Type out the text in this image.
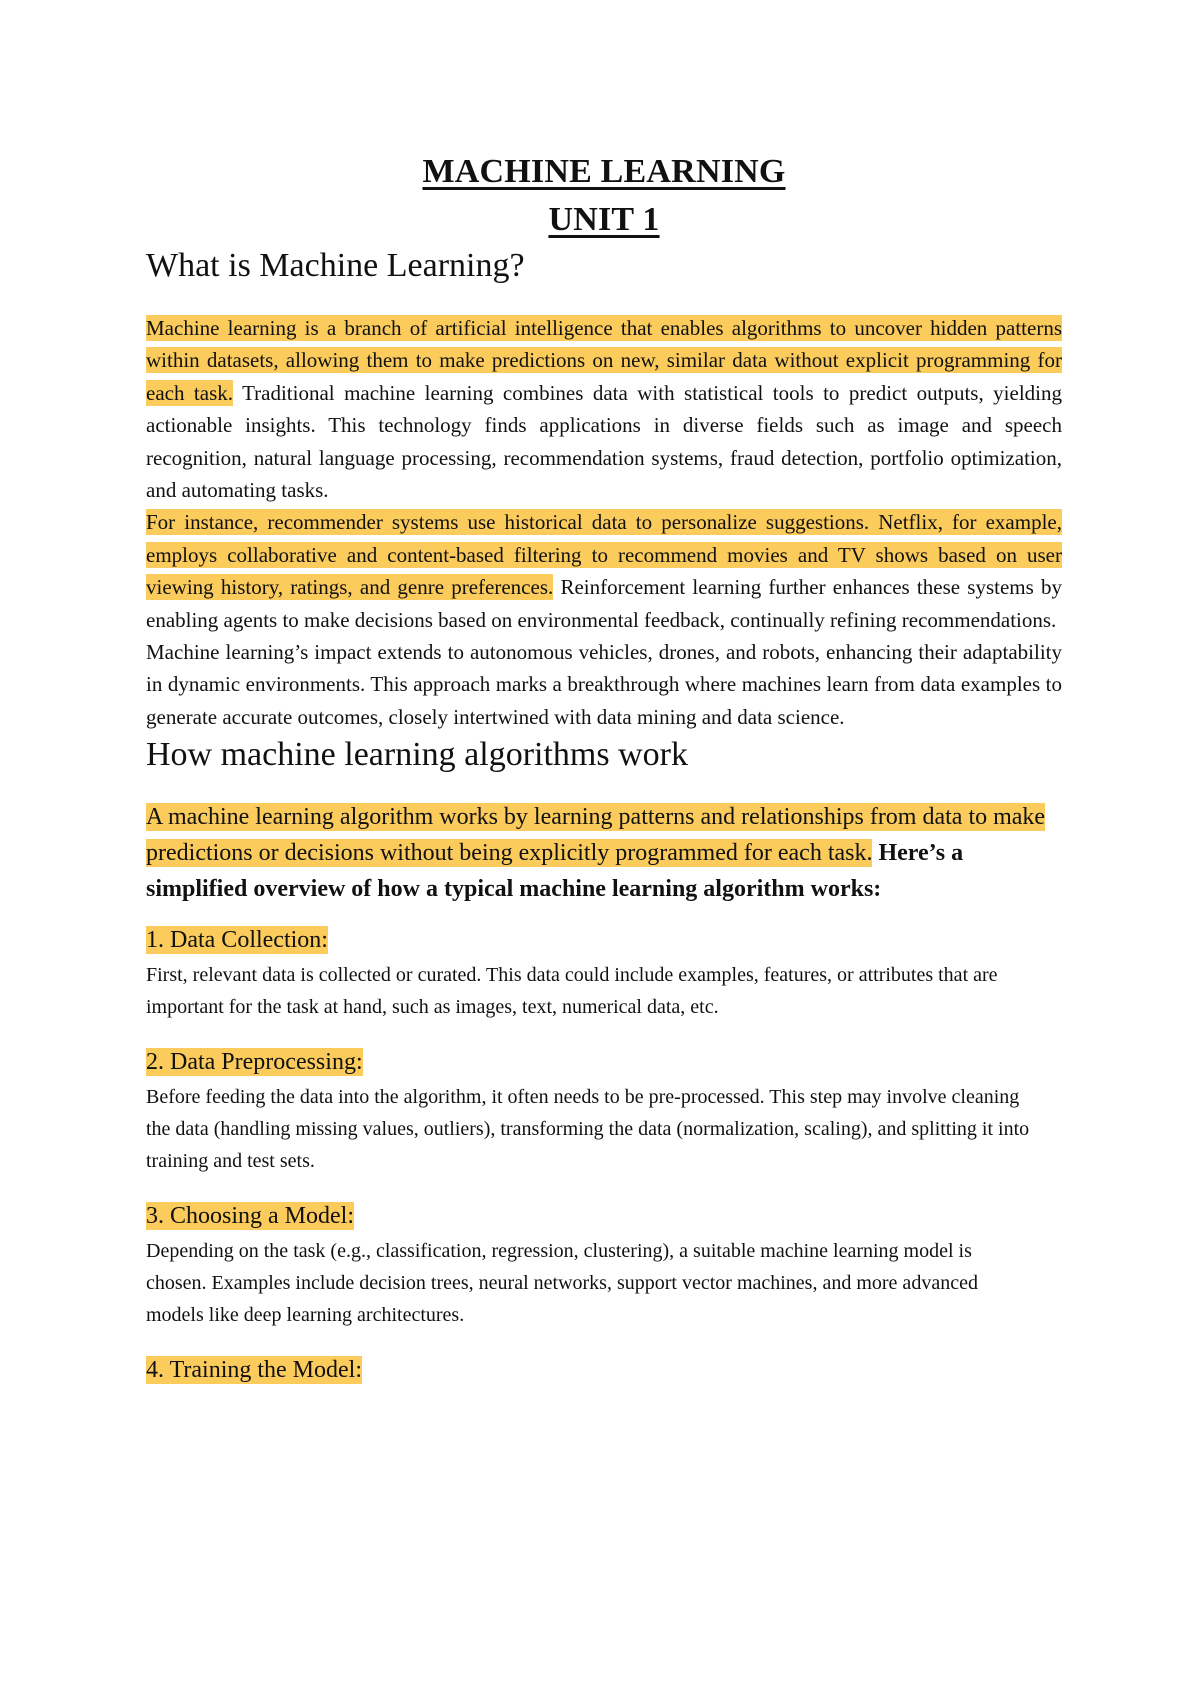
MACHINE LEARNING

UNIT 1

What is Machine Learning?

Machine learning is a branch of artificial intelligence that enables algorithms to uncover hidden patterns within datasets, allowing them to make predictions on new, similar data without explicit programming for each task. Traditional machine learning combines data with statistical tools to predict outputs, yielding actionable insights. This technology finds applications in diverse fields such as image and speech recognition, natural language processing, recommendation systems, fraud detection, portfolio optimization, and automating tasks.

For instance, recommender systems use historical data to personalize suggestions. Netflix, for example, employs collaborative and content-based filtering to recommend movies and TV shows based on user viewing history, ratings, and genre preferences. Reinforcement learning further enhances these systems by enabling agents to make decisions based on environmental feedback, continually refining recommendations.

Machine learning’s impact extends to autonomous vehicles, drones, and robots, enhancing their adaptability in dynamic environments. This approach marks a breakthrough where machines learn from data examples to generate accurate outcomes, closely intertwined with data mining and data science.

How machine learning algorithms work

A machine learning algorithm works by learning patterns and relationships from data to make predictions or decisions without being explicitly programmed for each task. Here’s a simplified overview of how a typical machine learning algorithm works:

1. Data Collection:

First, relevant data is collected or curated. This data could include examples, features, or attributes that are important for the task at hand, such as images, text, numerical data, etc.

2. Data Preprocessing:

Before feeding the data into the algorithm, it often needs to be pre-processed. This step may involve cleaning the data (handling missing values, outliers), transforming the data (normalization, scaling), and splitting it into training and test sets.

3. Choosing a Model:

Depending on the task (e.g., classification, regression, clustering), a suitable machine learning model is chosen. Examples include decision trees, neural networks, support vector machines, and more advanced models like deep learning architectures.

4. Training the Model:
